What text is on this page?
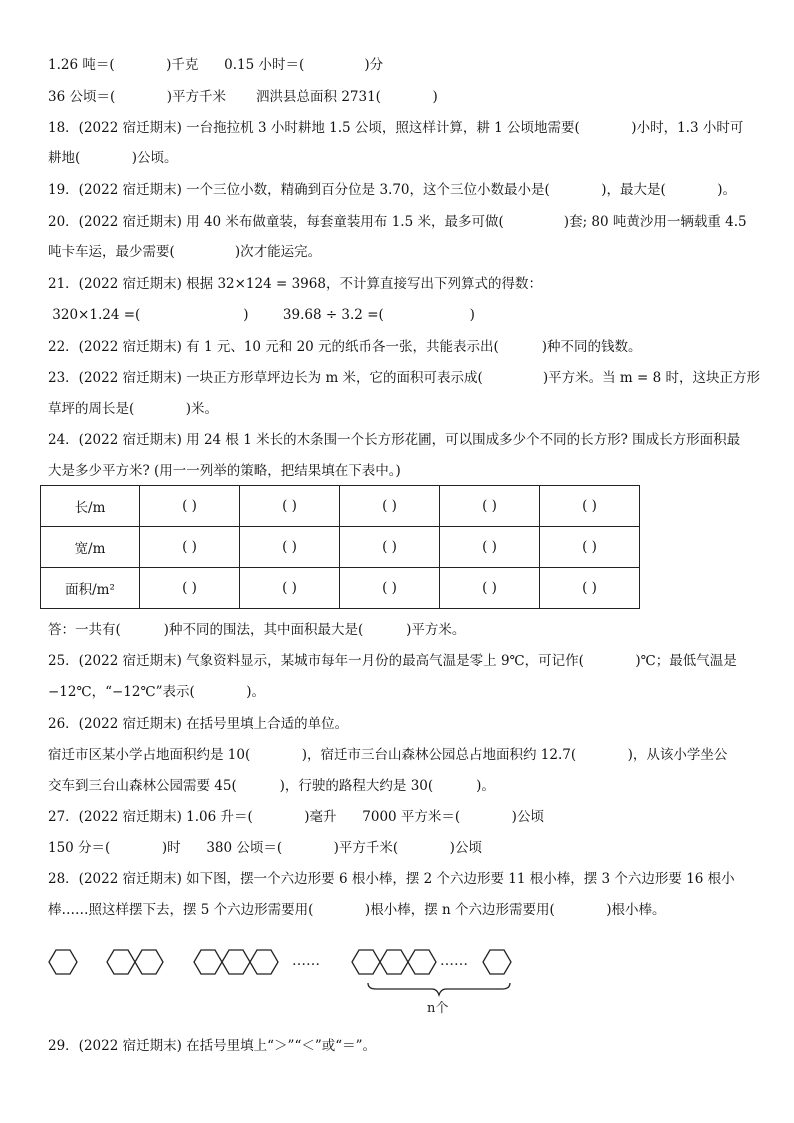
1.26 吨＝(            )千克      0.15 小时＝(              )分
36 公顷＝(            )平方千米       泗洪县总面积 2731(            )
18．(2022 宿迁期末) 一台拖拉机 3 小时耕地 1.5 公顷，照这样计算，耕 1 公顷地需要(            )小时，1.3 小时可
耕地(            )公顷。
19．(2022 宿迁期末) 一个三位小数，精确到百分位是 3.70，这个三位小数最小是(            )，最大是(            )。
20．(2022 宿迁期末) 用 40 米布做童装，每套童装用布 1.5 米，最多可做(              )套; 80 吨黄沙用一辆载重 4.5
吨卡车运，最少需要(              )次才能运完。
21．(2022 宿迁期末) 根据 32×124 = 3968，不计算直接写出下列算式的得数：
320×1.24 =(                        )        39.68 ÷ 3.2 =(                    )
22．(2022 宿迁期末) 有 1 元、10 元和 20 元的纸币各一张，共能表示出(          )种不同的钱数。
23．(2022 宿迁期末) 一块正方形草坪边长为 m 米，它的面积可表示成(              )平方米。当 m = 8 时，这块正方形
草坪的周长是(            )米。
24．(2022 宿迁期末) 用 24 根 1 米长的木条围一个长方形花圃，可以围成多少个不同的长方形? 围成长方形面积最
大是多少平方米? (用一一列举的策略，把结果填在下表中。)
长/m	( )	( )	( )	( )	( )
宽/m	( )	( )	( )	( )	( )
面积/m²	( )	( )	( )	( )	( )
答：一共有(          )种不同的围法，其中面积最大是(          )平方米。
25．(2022 宿迁期末) 气象资料显示，某城市每年一月份的最高气温是零上 9℃，可记作(            )℃；最低气温是
−12℃，“−12℃”表示(            )。
26．(2022 宿迁期末) 在括号里填上合适的单位。
宿迁市区某小学占地面积约是 10(            )，宿迁市三台山森林公园总占地面积约 12.7(            )，从该小学坐公
交车到三台山森林公园需要 45(          )，行驶的路程大约是 30(          )。
27．(2022 宿迁期末) 1.06 升＝(            )毫升      7000 平方米＝(            )公顷
150 分＝(            )时      380 公顷＝(            )平方千米(            )公顷
28．(2022 宿迁期末) 如下图，摆一个六边形要 6 根小棒，摆 2 个六边形要 11 根小棒，摆 3 个六边形要 16 根小
棒……照这样摆下去，摆 5 个六边形需要用(            )根小棒，摆 n 个六边形需要用(            )根小棒。
……	……
n个
29．(2022 宿迁期末) 在括号里填上“＞”“＜”或“＝”。
